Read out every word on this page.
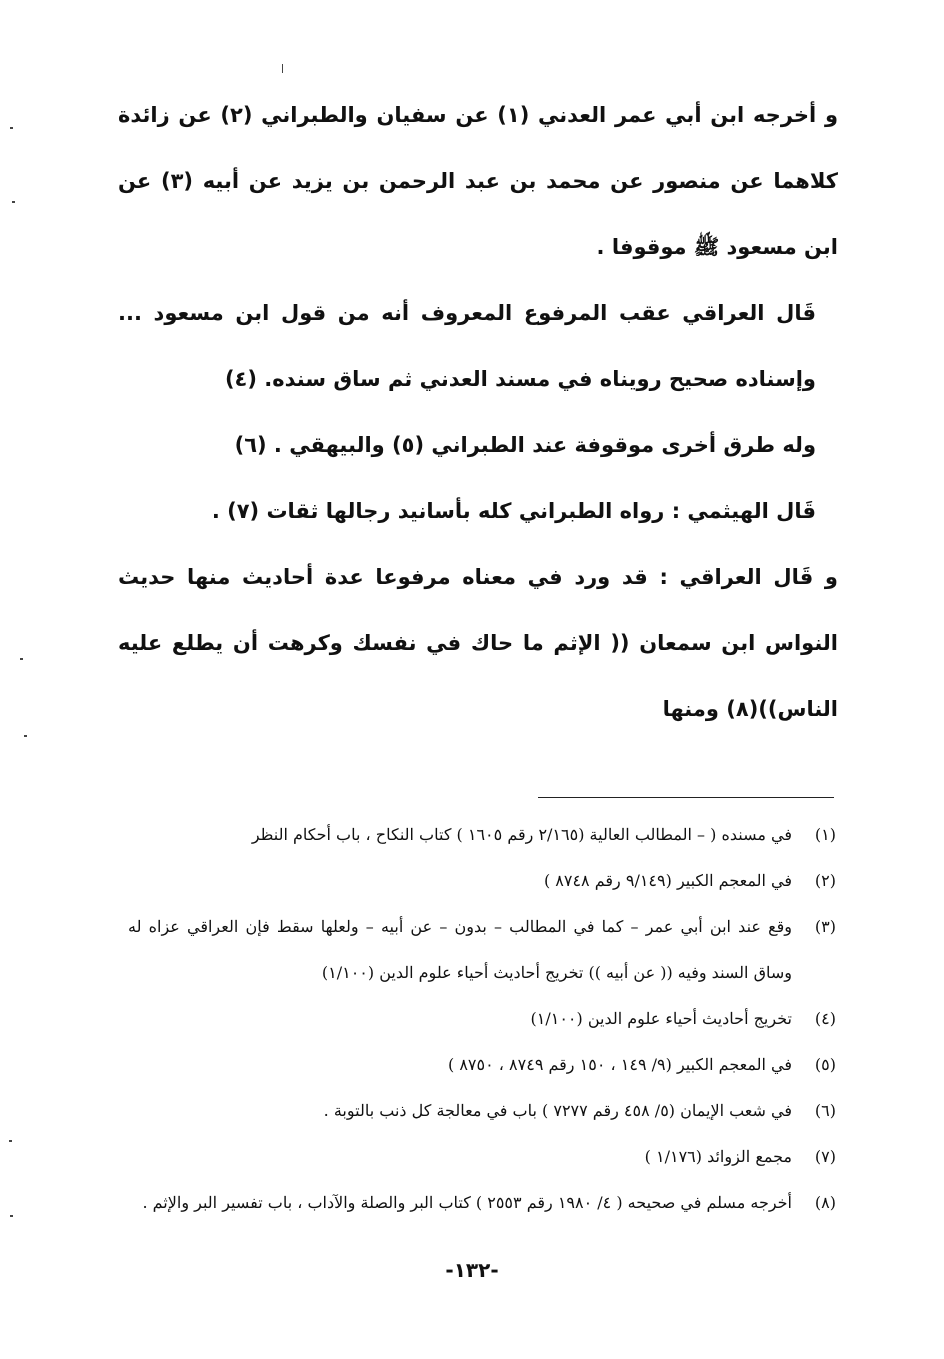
و أخرجه ابن أبي عمر العدني (١) عن سفيان والطبراني (٢) عن زائدة كلاهما عن منصور عن محمد بن عبد الرحمن بن يزيد عن أبيه (٣) عن ابن مسعود ﷺ موقوفا .

قَال العراقي عقب المرفوع المعروف أنه من قول ابن مسعود ... وإسناده صحيح رويناه في مسند العدني ثم ساق سنده. (٤)

وله طرق أخرى موقوفة عند الطبراني (٥) والبيهقي . (٦)

قَال الهيثمي : رواه الطبراني كله بأسانيد رجالها ثقات (٧) .

و قَال العراقي : قد ورد في معناه مرفوعا عدة أحاديث منها حديث النواس ابن سمعان (( الإثم ما حاك في نفسك وكرهت أن يطلع عليه الناس))(٨) ومنها

(١)
في مسنده ( – المطالب العالية (٢/١٦٥ رقم ١٦٠٥ ) كتاب النكاح ، باب أحكام النظر
(٢)
في المعجم الكبير (٩/١٤٩ رقم ٨٧٤٨ )
(٣)
وقع عند ابن أبي عمر – كما في المطالب – بدون – عن أبيه – ولعلها سقط فإن العراقي عزاه له وساق السند وفيه (( عن أبيه )) تخريج أحاديث أحياء علوم الدين (١/١٠٠)
(٤)
تخريج أحاديث أحياء علوم الدين (١/١٠٠)
(٥)
في المعجم الكبير (٩/ ١٤٩ ، ١٥٠ رقم ٨٧٤٩ ، ٨٧٥٠ )
(٦)
في شعب الإيمان (٥/ ٤٥٨ رقم ٧٢٧٧ ) باب في معالجة كل ذنب بالتوبة .
(٧)
مجمع الزوائد (١/١٧٦ )
(٨)
أخرجه مسلم في صحيحه ( ٤/ ١٩٨٠ رقم ٢٥٥٣ ) كتاب البر والصلة والآداب ، باب تفسير البر والإثم .
-١٣٢-
